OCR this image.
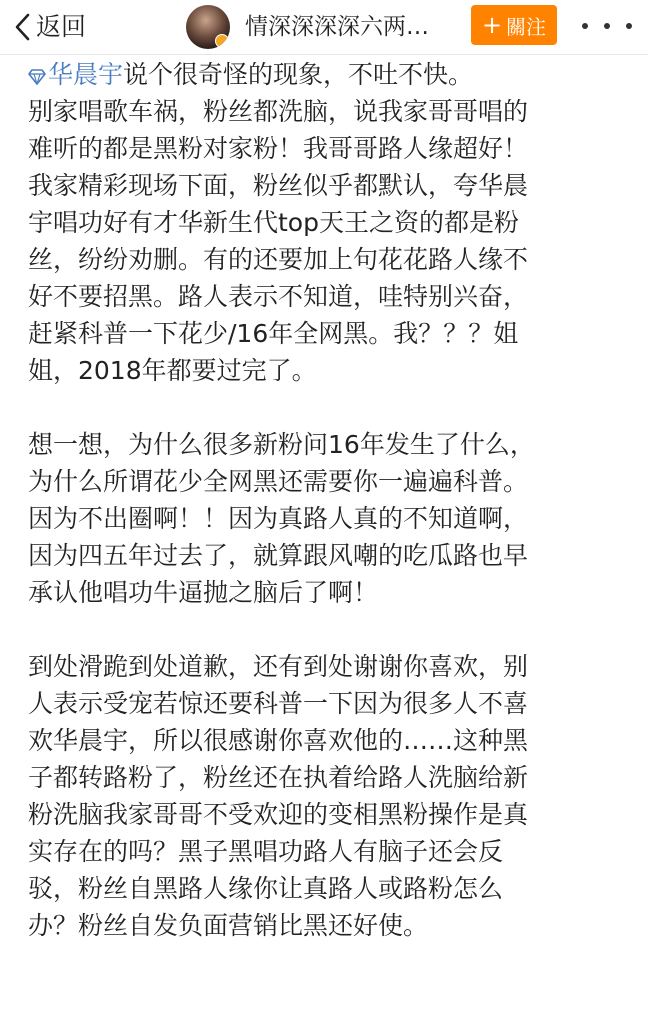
返回	情深深深深六两…	+ 關注

华晨宇说个很奇怪的现象，不吐不快。
别家唱歌车祸，粉丝都洗脑，说我家哥哥唱的
难听的都是黑粉对家粉！我哥哥路人缘超好！
我家精彩现场下面，粉丝似乎都默认，夸华晨
宇唱功好有才华新生代top天王之资的都是粉
丝，纷纷劝删。有的还要加上句花花路人缘不
好不要招黑。路人表示不知道，哇特别兴奋，
赶紧科普一下花少/16年全网黑。我？？？姐
姐，2018年都要过完了。

想一想，为什么很多新粉问16年发生了什么，
为什么所谓花少全网黑还需要你一遍遍科普。
因为不出圈啊！！因为真路人真的不知道啊，
因为四五年过去了，就算跟风嘲的吃瓜路也早
承认他唱功牛逼抛之脑后了啊！

到处滑跪到处道歉，还有到处谢谢你喜欢，别
人表示受宠若惊还要科普一下因为很多人不喜
欢华晨宇，所以很感谢你喜欢他的……这种黑
子都转路粉了，粉丝还在执着给路人洗脑给新
粉洗脑我家哥哥不受欢迎的变相黑粉操作是真
实存在的吗？黑子黑唱功路人有脑子还会反
驳，粉丝自黑路人缘你让真路人或路粉怎么
办？粉丝自发负面营销比黑还好使。
